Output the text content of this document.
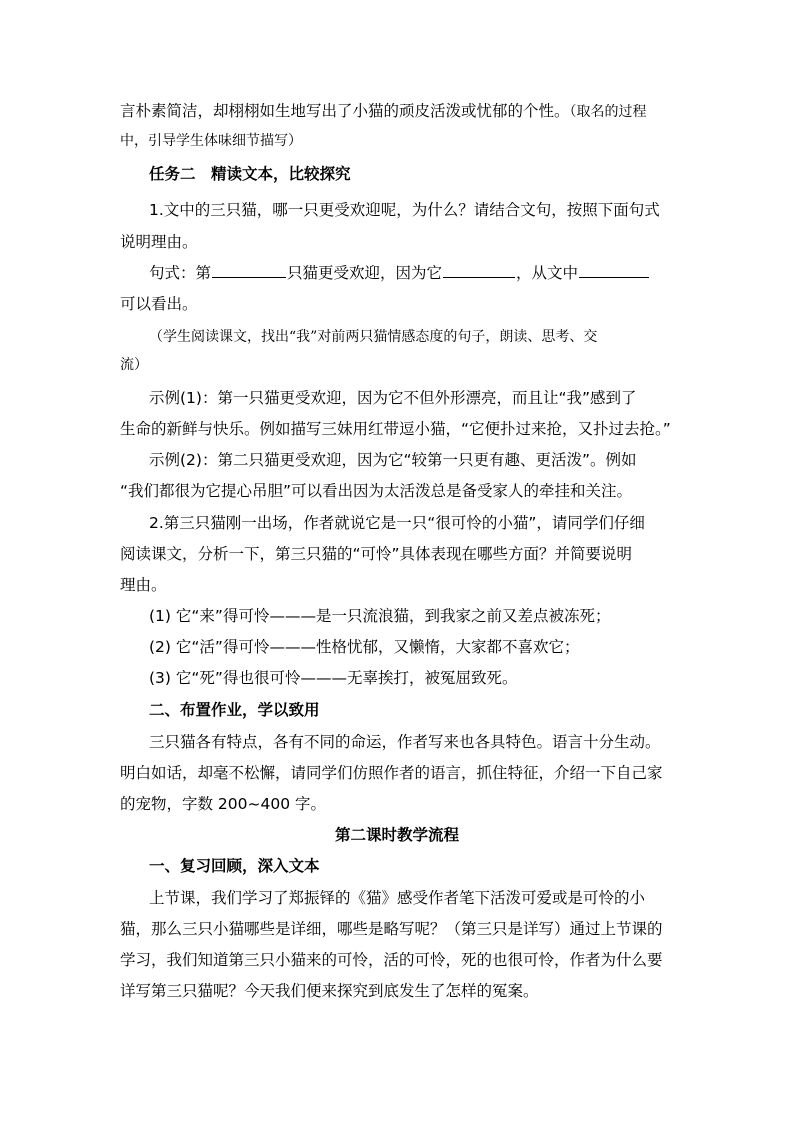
言朴素简洁，却栩栩如生地写出了小猫的顽皮活泼或忧郁的个性。（取名的过程
中，引导学生体味细节描写）
任务二　精读文本，比较探究
1.文中的三只猫，哪一只更受欢迎呢，为什么？请结合文句，按照下面句式
说明理由。
句式：第	只猫更受欢迎，因为它	，从文中
可以看出。
（学生阅读课文，找出“我”对前两只猫情感态度的句子，朗读、思考、交
流）
示例(1)：第一只猫更受欢迎，因为它不但外形漂亮，而且让“我”感到了
生命的新鲜与快乐。例如描写三妹用红带逗小猫，“它便扑过来抢，又扑过去抢。”
示例(2)：第二只猫更受欢迎，因为它“较第一只更有趣、更活泼”。例如
“我们都很为它提心吊胆”可以看出因为太活泼总是备受家人的牵挂和关注。
2.第三只猫刚一出场，作者就说它是一只“很可怜的小猫”，请同学们仔细
阅读课文，分析一下，第三只猫的“可怜”具体表现在哪些方面？并简要说明
理由。
(1) 它“来”得可怜———是一只流浪猫，到我家之前又差点被冻死；
(2) 它“活”得可怜———性格忧郁，又懒惰，大家都不喜欢它；
(3) 它“死”得也很可怜———无辜挨打，被冤屈致死。
二、布置作业，学以致用
三只猫各有特点，各有不同的命运，作者写来也各具特色。语言十分生动。
明白如话，却毫不松懈，请同学们仿照作者的语言，抓住特征，介绍一下自己家
的宠物，字数 200~400 字。
第二课时教学流程
一、复习回顾，深入文本
上节课，我们学习了郑振铎的《猫》感受作者笔下活泼可爱或是可怜的小
猫，那么三只小猫哪些是详细，哪些是略写呢？（第三只是详写）通过上节课的
学习，我们知道第三只小猫来的可怜，活的可怜，死的也很可怜，作者为什么要
详写第三只猫呢？今天我们便来探究到底发生了怎样的冤案。
